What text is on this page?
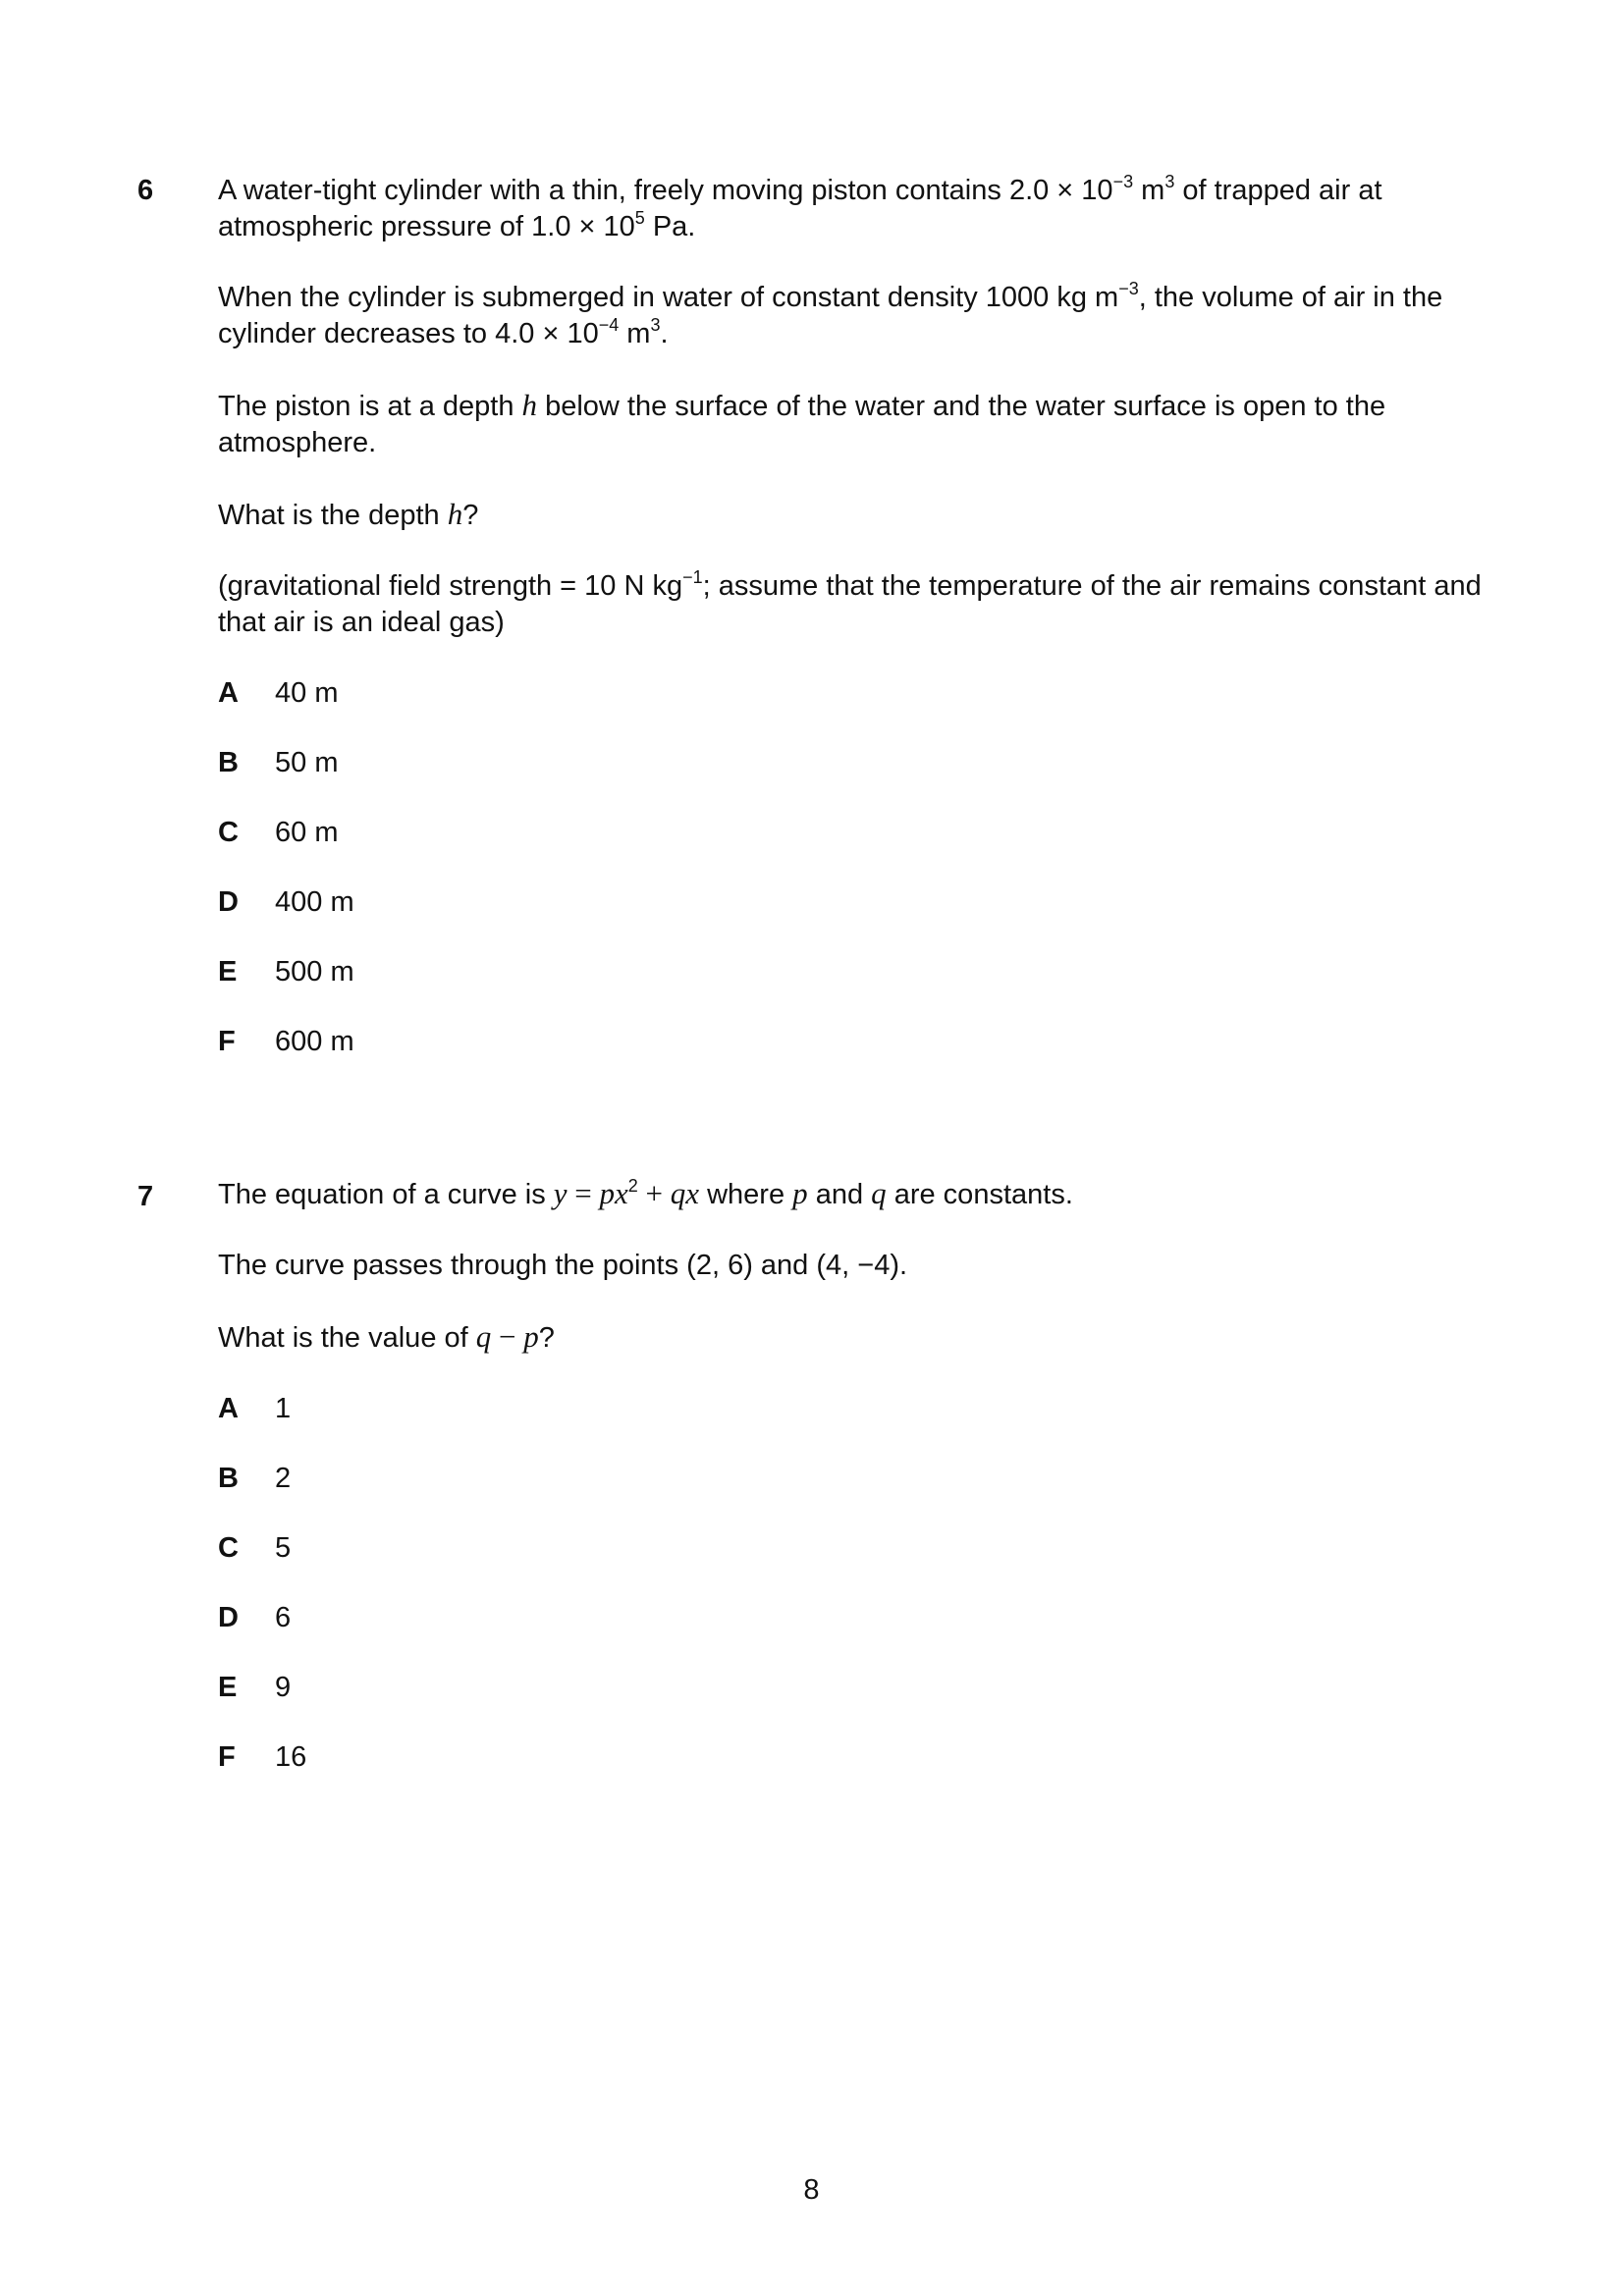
6 A water-tight cylinder with a thin, freely moving piston contains $2.0 \times 10^{-3}$ $m^3$ of trapped air at atmospheric pressure of $1.0 \times 10^5$ Pa.

When the cylinder is submerged in water of constant density 1000 kg $m^{-3}$, the volume of air in the cylinder decreases to $4.0 \times 10^{-4}$ $m^3$.

The piston is at a depth h below the surface of the water and the water surface is open to the atmosphere.

What is the depth h?

(gravitational field strength = 10 N $kg^{-1}$; assume that the temperature of the air remains constant and that air is an ideal gas)

A	40 m
B	50 m
C	60 m
D	400 m
E	500 m
F	600 m
7 The equation of a curve is $y = px^2$ + qx where p and q are constants.

The curve passes through the points (2, 6) and (4, −4).

What is the value of q − p?

A	1
B	2
C	5
D	6
E	9
F	16
8
